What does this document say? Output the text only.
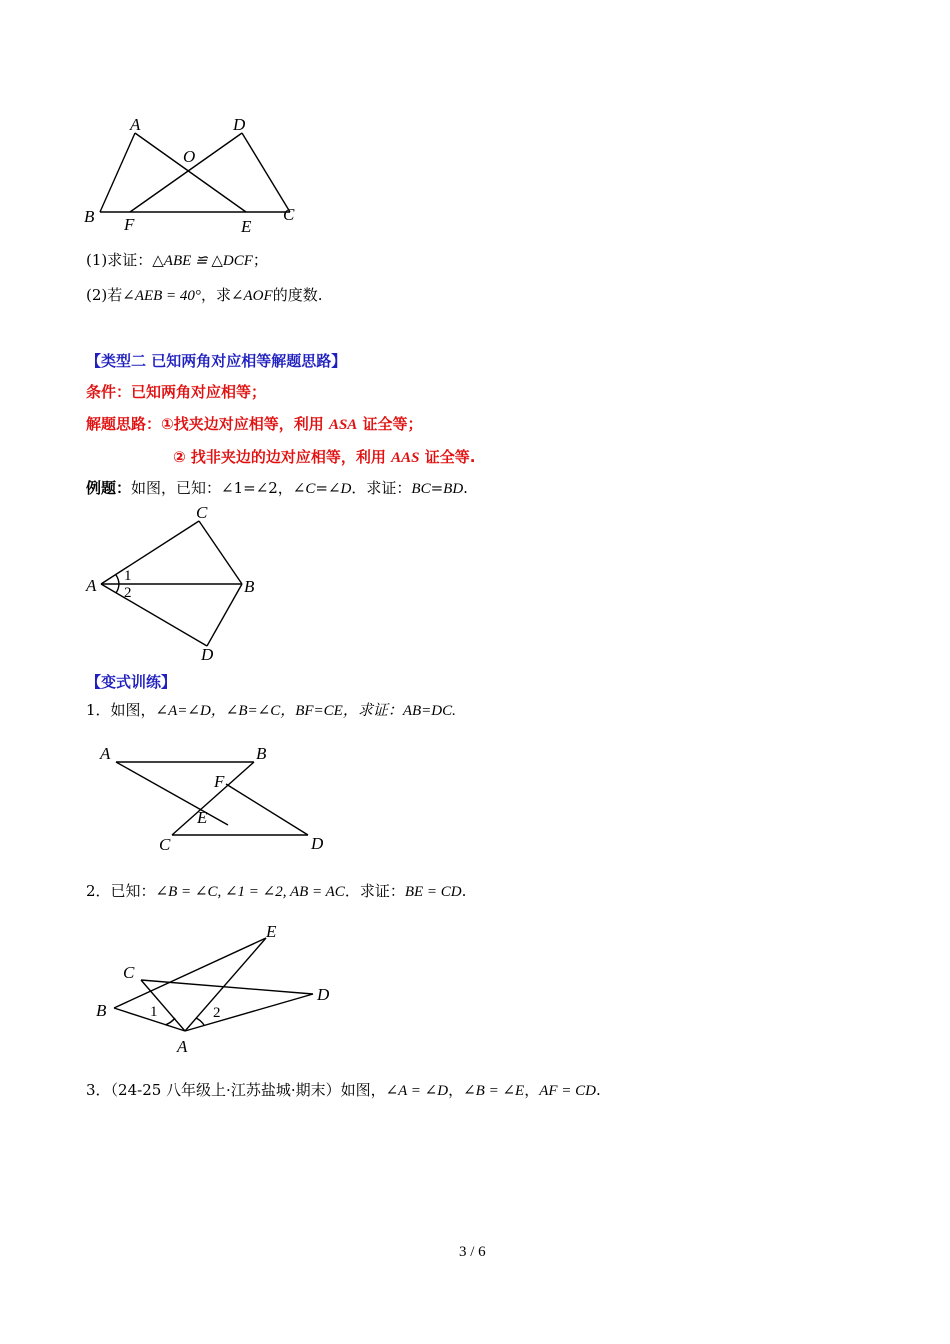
A	D
O
B F	E
C
(1)求证：△ABE ≌ △DCF；
(2)若∠AEB = 40°，求∠AOF的度数.
【类型二 已知两角对应相等解题思路】
条件：已知两角对应相等；
解题思路：①找夹边对应相等，利用 ASA 证全等；
② 找非夹边的边对应相等，利用 AAS 证全等.
例题：如图，已知：∠1=∠2，∠C=∠D．求证：BC=BD.
C
A	B
D
1
2
【变式训练】
1．如图，∠A=∠D，∠B=∠C，BF=CE，求证：AB=DC.
A	B
F
E
C	D
2．已知：∠B = ∠C, ∠1 = ∠2, AB = AC．求证：BE = CD.
E
C
D
B
A
1	2
3．（24-25 八年级上·江苏盐城·期末）如图，∠A = ∠D，∠B = ∠E，AF = CD.
3 / 6
